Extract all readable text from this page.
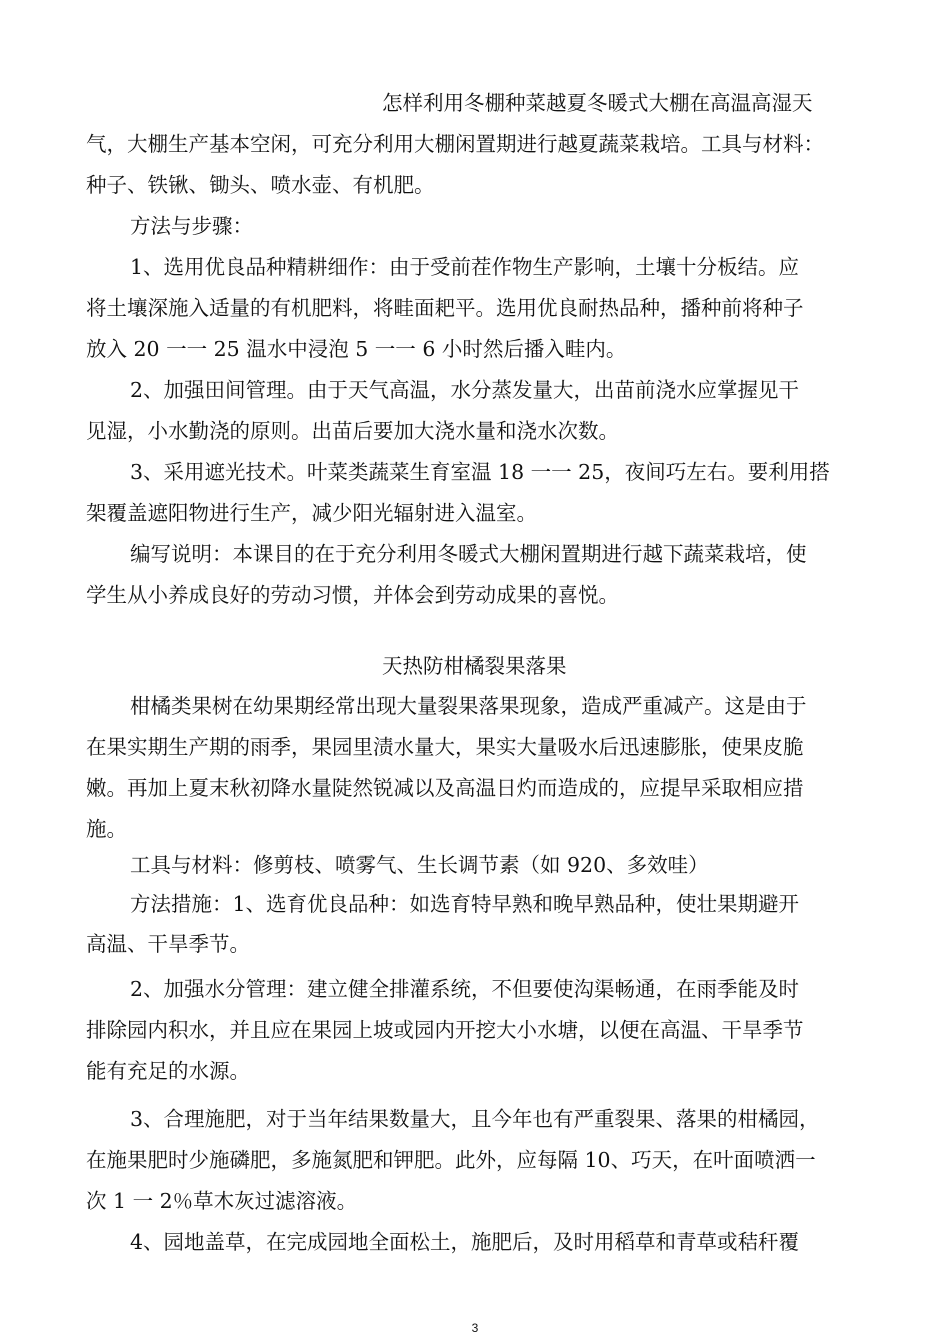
怎样利用冬棚种菜越夏冬暖式大棚在高温高湿天
气，大棚生产基本空闲，可充分利用大棚闲置期进行越夏蔬菜栽培。工具与材料：
种子、铁锹、锄头、喷水壶、有机肥。
方法与步骤：
1、选用优良品种精耕细作：由于受前茬作物生产影响，土壤十分板结。应
将土壤深施入适量的有机肥料，将畦面耙平。选用优良耐热品种，播种前将种子
放入 20 一一 25 温水中浸泡 5 一一 6 小时然后播入畦内。
2、加强田间管理。由于天气高温，水分蒸发量大，出苗前浇水应掌握见干
见湿，小水勤浇的原则。出苗后要加大浇水量和浇水次数。
3、采用遮光技术。叶菜类蔬菜生育室温 18 一一 25，夜间巧左右。要利用搭
架覆盖遮阳物进行生产，减少阳光辐射进入温室。
编写说明：本课目的在于充分利用冬暖式大棚闲置期进行越下蔬菜栽培，使
学生从小养成良好的劳动习惯，并体会到劳动成果的喜悦。
天热防柑橘裂果落果
柑橘类果树在幼果期经常出现大量裂果落果现象，造成严重减产。这是由于
在果实期生产期的雨季，果园里渍水量大，果实大量吸水后迅速膨胀，使果皮脆
嫩。再加上夏末秋初降水量陡然锐减以及高温日灼而造成的，应提早采取相应措
施。
工具与材料：修剪枝、喷雾气、生长调节素（如 920、多效哇）
方法措施：1、选育优良品种：如选育特早熟和晚早熟品种，使壮果期避开
高温、干旱季节。
2、加强水分管理：建立健全排灌系统，不但要使沟渠畅通，在雨季能及时
排除园内积水，并且应在果园上坡或园内开挖大小水塘，以便在高温、干旱季节
能有充足的水源。
3、合理施肥，对于当年结果数量大，且今年也有严重裂果、落果的柑橘园，
在施果肥时少施磷肥，多施氮肥和钾肥。此外，应每隔 10、巧天，在叶面喷洒一
次 1 一 2％草木灰过滤溶液。
4、园地盖草，在完成园地全面松土，施肥后，及时用稻草和青草或秸秆覆
3
